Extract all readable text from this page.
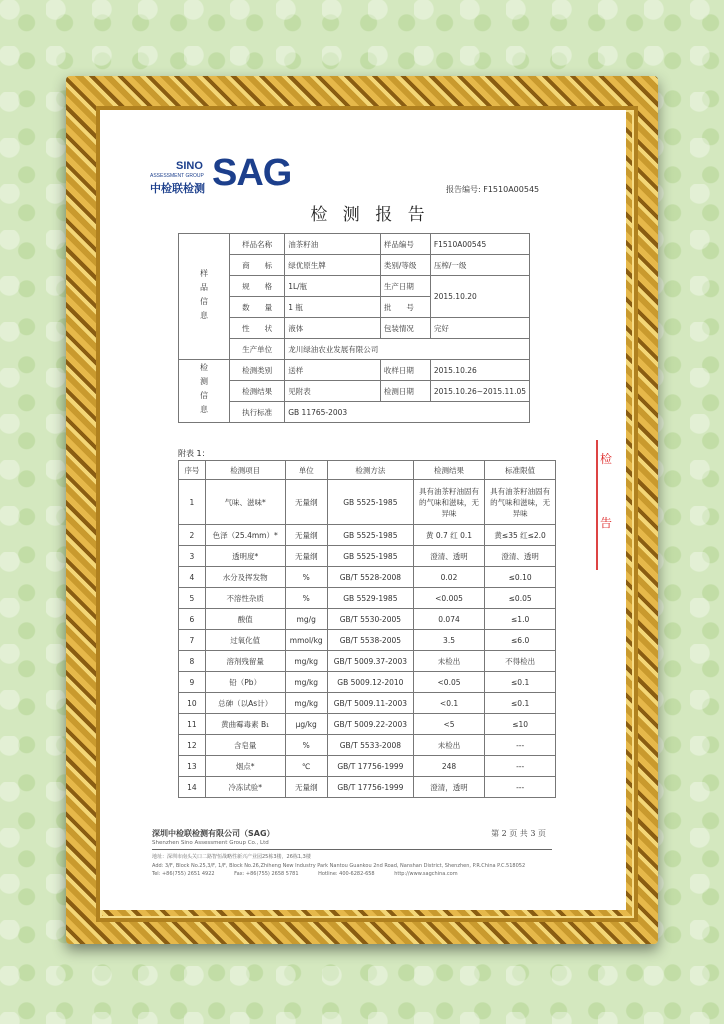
SINO
ASSESSMENT GROUP
中检联检测 SAG	报告编号: F1510A00545
检 测 报 告
样品信息	样品名称	油茶籽油	样品编号	F1510A00545
	商　　标	绿优原生牌	类别/等级	压榨/一级
	规　　格	1L/瓶	生产日期	2015.10.20
	数　　量	1 瓶	批　　号	
	性　　状	液体	包装情况	完好
	生产单位	龙川绿油农业发展有限公司		
检测信息	检测类别	送样	收样日期	2015.10.26
	检测结果	见附表	检测日期	2015.10.26~2015.11.05
	执行标准	GB 11765-2003		
附表 1：
序号	检测项目	单位	检测方法	检测结果	标准限值
1	气味、滋味*	无量纲	GB 5525-1985	具有油茶籽油固有的气味和滋味，无异味	具有油茶籽油固有的气味和滋味，无异味
2	色泽（25.4mm）*	无量纲	GB 5525-1985	黄 0.7 红 0.1	黄≤35 红≤2.0
3	透明度*	无量纲	GB 5525-1985	澄清、透明	澄清、透明
4	水分及挥发物	%	GB/T 5528-2008	0.02	≤0.10
5	不溶性杂质	%	GB 5529-1985	<0.005	≤0.05
6	酸值	mg/g	GB/T 5530-2005	0.074	≤1.0
7	过氧化值	mmol/kg	GB/T 5538-2005	3.5	≤6.0
8	溶剂残留量	mg/kg	GB/T 5009.37-2003	未检出	不得检出
9	铅（Pb）	mg/kg	GB 5009.12-2010	<0.05	≤0.1
10	总砷（以As计）	mg/kg	GB/T 5009.11-2003	<0.1	≤0.1
11	黄曲霉毒素 B₁	μg/kg	GB/T 5009.22-2003	<5	≤10
12	含皂量	%	GB/T 5533-2008	未检出	---
13	烟点*	℃	GB/T 17756-1999	248	---
14	冷冻试验*	无量纲	GB/T 17756-1999	澄清，透明	---
检
告
深圳中检联检测有限公司（SAG）	第 2 页 共 3 页
Shenzhen Sino Assessment Group Co., Ltd
地址：深圳市南头关口二路智恒战略性新兴产业园25栋3楼，26栋1,3楼
Add: 3/F, Block No.25,3/F, 1/F, Block No.26,Zhiheng New Industry Park Nantou Guankou 2nd Road, Nanshan District, Shenzhen, P.R.China P.C.518052
Tel: +86(755) 2651 4922	Fax: +86(755) 2658 5781	Hotline: 400-6282-658	http://www.sagchina.com
